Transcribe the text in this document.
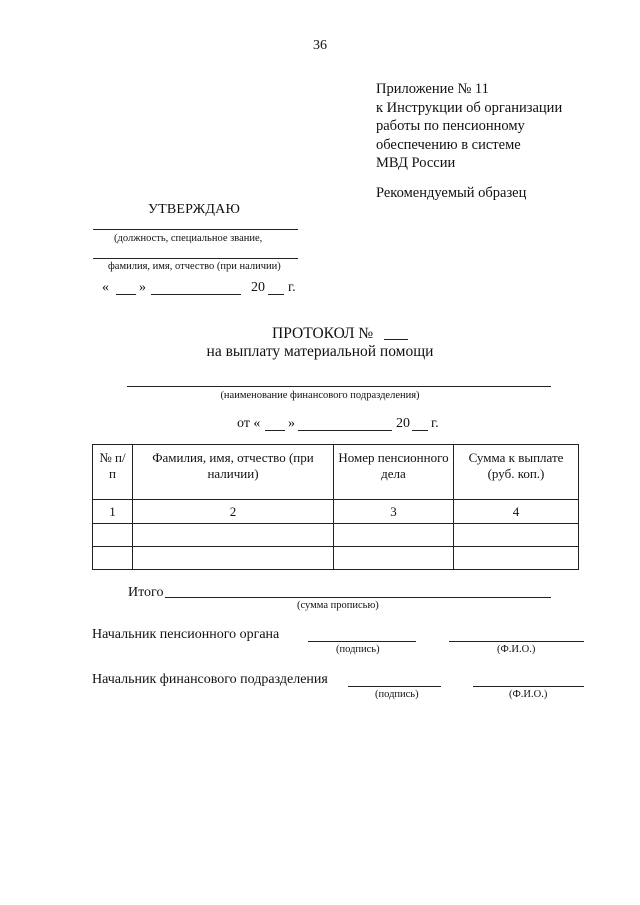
36
Приложение № 11
к Инструкции об организации
работы по пенсионному
обеспечению в системе
МВД России
Рекомендуемый образец
УТВЕРЖДАЮ
(должность, специальное звание,
фамилия, имя, отчество (при наличии)
« »	20 г.
ПРОТОКОЛ №
на выплату материальной помощи
(наименование финансового подразделения)
от « »	20 г.
№ п/п	Фамилия, имя, отчество (при наличии)	Номер пенсионного дела	Сумма к выплате (руб. коп.)
1	2	3	4

Итого
(сумма прописью)
Начальник пенсионного органа
(подпись)	(Ф.И.О.)
Начальник финансового подразделения
(подпись)	(Ф.И.О.)
